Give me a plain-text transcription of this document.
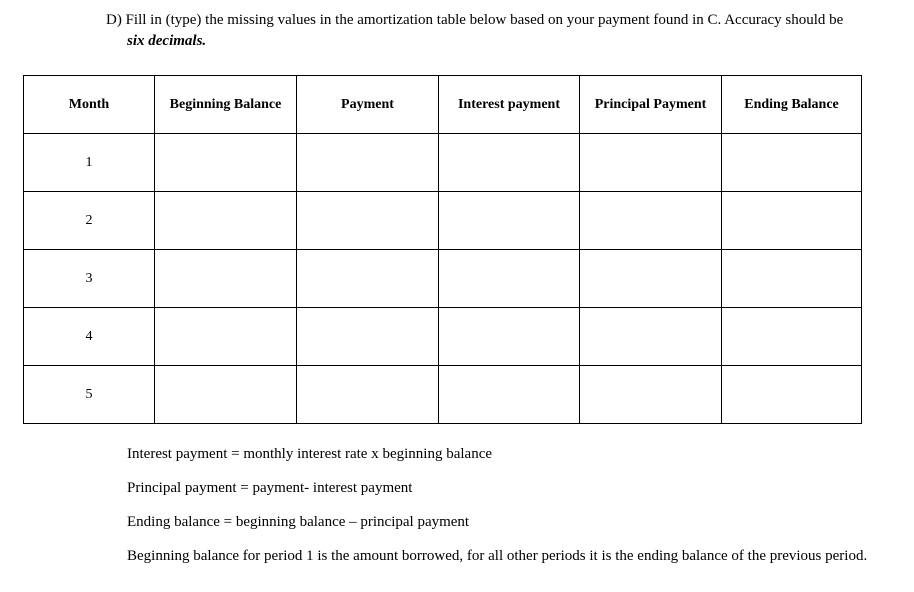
D) Fill in (type) the missing values in the amortization table below based on your payment found in C. Accuracy should be
six decimals.
Month	Beginning Balance	Payment	Interest payment	Principal Payment	Ending Balance
1					
2					
3					
4					
5					

Interest payment = monthly interest rate x beginning balance

Principal payment = payment- interest payment

Ending balance = beginning balance – principal payment

Beginning balance for period 1 is the amount borrowed, for all other periods it is the ending balance of the previous period.
